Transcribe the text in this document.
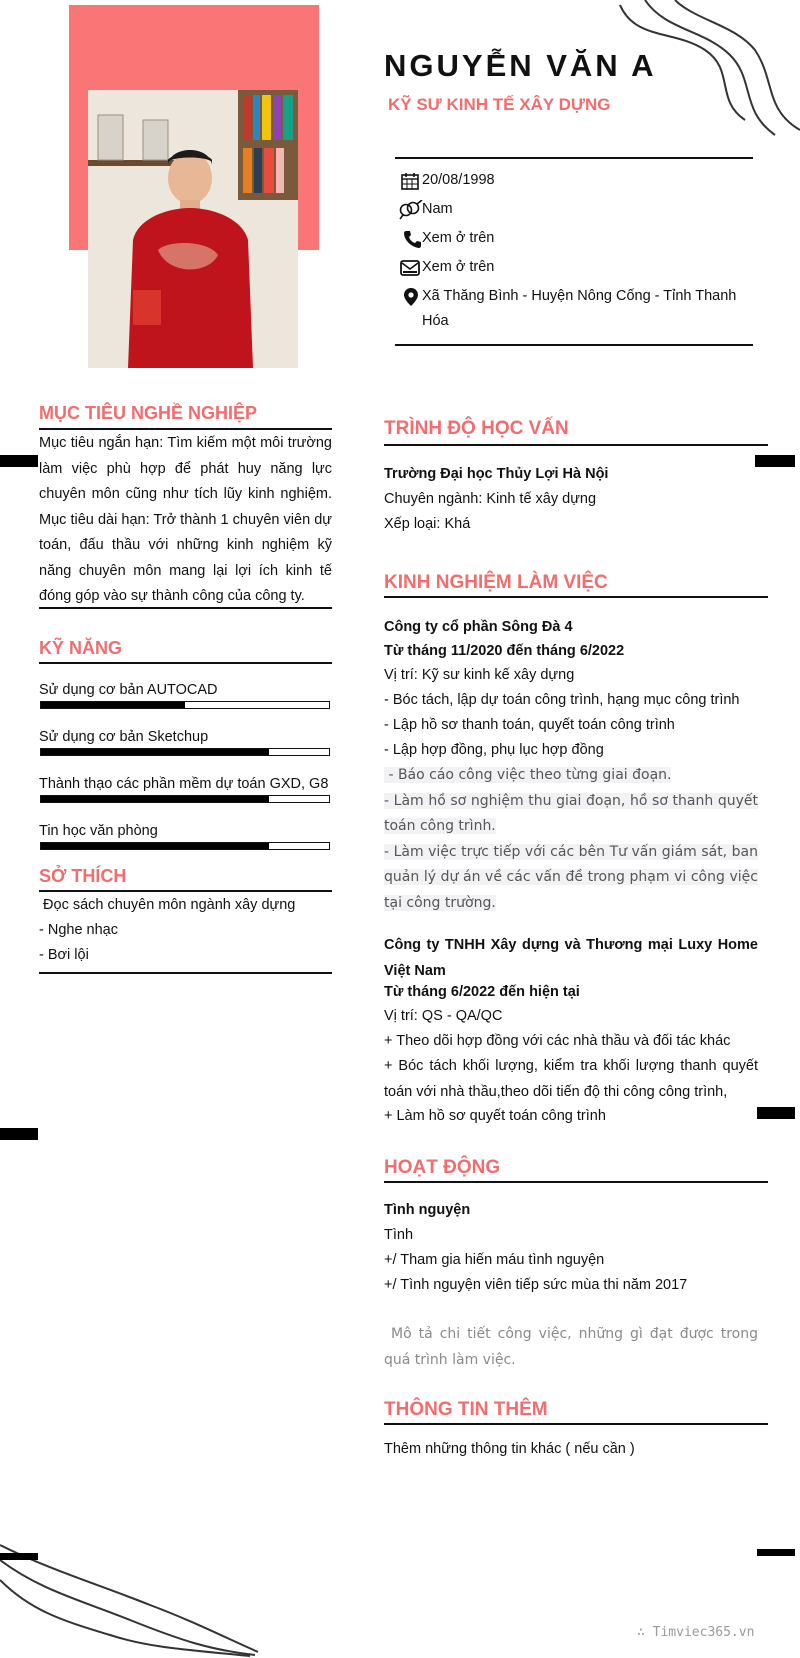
NGUYỄN VĂN A
KỸ SƯ KINH TẾ XÂY DỰNG
20/08/1998
Nam
Xem ở trên
Xem ở trên
Xã Thăng Bình - Huyện Nông Cống - Tỉnh Thanh Hóa
MỤC TIÊU NGHỀ NGHIỆP
Mục tiêu ngắn hạn: Tìm kiếm một môi trường làm việc phù hợp để phát huy năng lực chuyên môn cũng như tích lũy kinh nghiệm. Mục tiêu dài hạn: Trở thành 1 chuyên viên dự toán, đấu thầu với những kinh nghiệm kỹ năng chuyên môn mang lại lợi ích kinh tế đóng góp vào sự thành công của công ty.
KỸ NĂNG
Sử dụng cơ bản AUTOCAD
Sử dụng cơ bản Sketchup
Thành thạo các phần mềm dự toán GXD, G8
Tin học văn phòng
SỞ THÍCH
Đọc sách chuyên môn ngành xây dựng
- Nghe nhạc
- Bơi lội
TRÌNH ĐỘ HỌC VẤN
Trường Đại học Thủy Lợi Hà Nội
Chuyên ngành: Kinh tế xây dựng
Xếp loại: Khá
KINH NGHIỆM LÀM VIỆC
Công ty cổ phần Sông Đà 4
Từ tháng 11/2020 đến tháng 6/2022
Vị trí: Kỹ sư kinh kế xây dựng
- Bóc tách, lập dự toán công trình, hạng mục công trình
- Lập hồ sơ thanh toán, quyết toán công trình
- Lập hợp đồng, phụ lục hợp đồng
- Báo cáo công việc theo từng giai đoạn.
- Làm hồ sơ nghiệm thu giai đoạn, hồ sơ thanh quyết toán công trình.
- Làm việc trực tiếp với các bên Tư vấn giám sát, ban quản lý dự án về các vấn đề trong phạm vi công việc tại công trường.
Công ty TNHH Xây dựng và Thương mại Luxy Home Việt Nam
Từ tháng 6/2022 đến hiện tại
Vị trí: QS - QA/QC
+ Theo dõi hợp đồng với các nhà thầu và đối tác khác
+ Bóc tách khối lượng, kiểm tra khối lượng thanh quyết toán với nhà thầu,theo dõi tiến độ thi công công trình,
+ Làm hồ sơ quyết toán công trình
HOẠT ĐỘNG
Tình nguyện
Tình
+/ Tham gia hiến máu tình nguyện
+/ Tình nguyện viên tiếp sức mùa thi năm 2017
Mô tả chi tiết công việc, những gì đạt được trong quá trình làm việc.
THÔNG TIN THÊM
Thêm những thông tin khác ( nếu cần )
∴ Timviec365.vn
